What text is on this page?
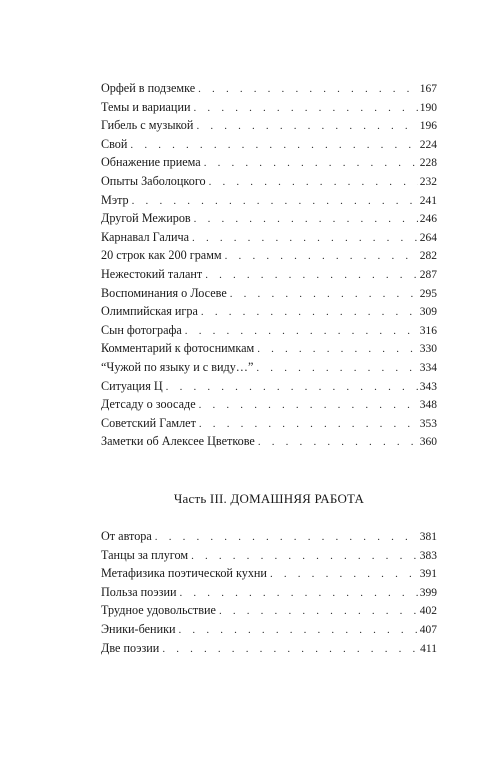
Орфей в подземке . . .	167
Темы и вариации . . .	190
Гибель с музыкой . . .	196
Свой . . .	224
Обнажение приема . . .	228
Опыты Заболоцкого . . .	232
Мэтр . . .	241
Другой Межиров . . .	246
Карнавал Галича . . .	264
20 строк как 200 грамм . . .	282
Нежестокий талант . . .	287
Воспоминания о Лосеве . . .	295
Олимпийская игра . . .	309
Сын фотографа . . .	316
Комментарий к фотоснимкам . . .	330
“Чужой по языку и с виду…” . . .	334
Ситуация Ц . . .	343
Детсаду о зоосаде . . .	348
Советский Гамлет . . .	353
Заметки об Алексее Цветкове . . .	360
Часть III. ДОМАШНЯЯ РАБОТА
От автора . . .	381
Танцы за плугом . . .	383
Метафизика поэтической кухни . . .	391
Польза поэзии . . .	399
Трудное удовольствие . . .	402
Эники-беники . . .	407
Две поэзии . . .	411
